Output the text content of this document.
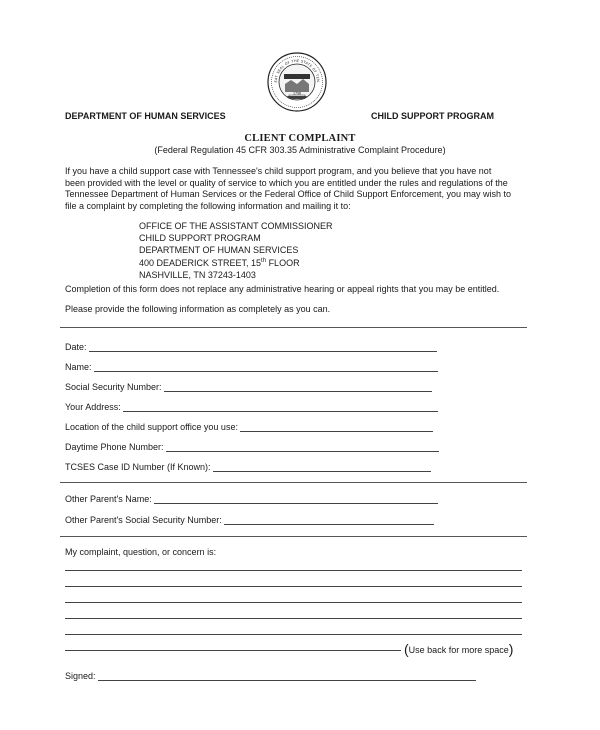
1796
EAT SEAL OF THE STATE OF TEN
DEPARTMENT OF HUMAN SERVICES	CHILD SUPPORT PROGRAM
CLIENT COMPLAINT
(Federal Regulation 45 CFR 303.35 Administrative Complaint Procedure)
If you have a child support case with Tennessee's child support program, and you believe that you have not
been provided with the level or quality of service to which you are entitled under the rules and regulations of the
Tennessee Department of Human Services or the Federal Office of Child Support Enforcement, you may wish to
file a complaint by completing the following information and mailing it to:
OFFICE OF THE ASSISTANT COMMISSIONER
CHILD SUPPORT PROGRAM
DEPARTMENT OF HUMAN SERVICES
400 DEADERICK STREET, 15th FLOOR
NASHVILLE, TN 37243-1403
Completion of this form does not replace any administrative hearing or appeal rights that you may be entitled.
Please provide the following information as completely as you can.
Date:
Name:
Social Security Number:
Your Address:
Location of the child support office you use:
Daytime Phone Number:
TCSES Case ID Number (If Known):
Other Parent's Name:
Other Parent's Social Security Number:
My complaint, question, or concern is:
(Use back for more space)
Signed:
